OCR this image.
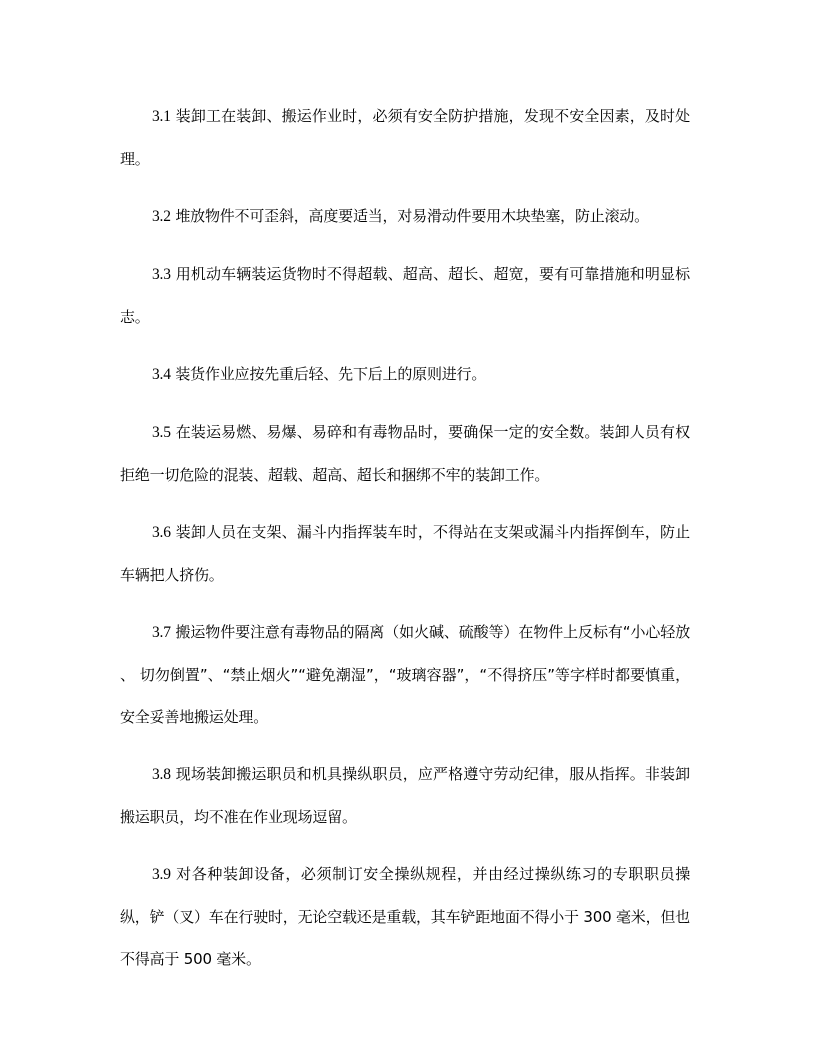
3.1 装卸工在装卸、搬运作业时，必须有安全防护措施，发现不安全因素，及时处理。

3.2 堆放物件不可歪斜，高度要适当，对易滑动件要用木块垫塞，防止滚动。

3.3 用机动车辆装运货物时不得超载、超高、超长、超宽，要有可靠措施和明显标志。

3.4 装货作业应按先重后轻、先下后上的原则进行。

3.5 在装运易燃、易爆、易碎和有毒物品时，要确保一定的安全数。装卸人员有权拒绝一切危险的混装、超载、超高、超长和捆绑不牢的装卸工作。

3.6 装卸人员在支架、漏斗内指挥装车时，不得站在支架或漏斗内指挥倒车，防止车辆把人挤伤。

3.7 搬运物件要注意有毒物品的隔离（如火碱、硫酸等）在物件上反标有“小心轻放 、 切勿倒置”、“禁止烟火”“避免潮湿”，“玻璃容器”，“不得挤压”等字样时都要慎重，安全妥善地搬运处理。

3.8 现场装卸搬运职员和机具操纵职员，应严格遵守劳动纪律，服从指挥。非装卸搬运职员，均不准在作业现场逗留。

3.9 对各种装卸设备，必须制订安全操纵规程，并由经过操纵练习的专职职员操纵，铲（叉）车在行驶时，无论空载还是重载，其车铲距地面不得小于 300 毫米，但也不得高于 500 毫米。
